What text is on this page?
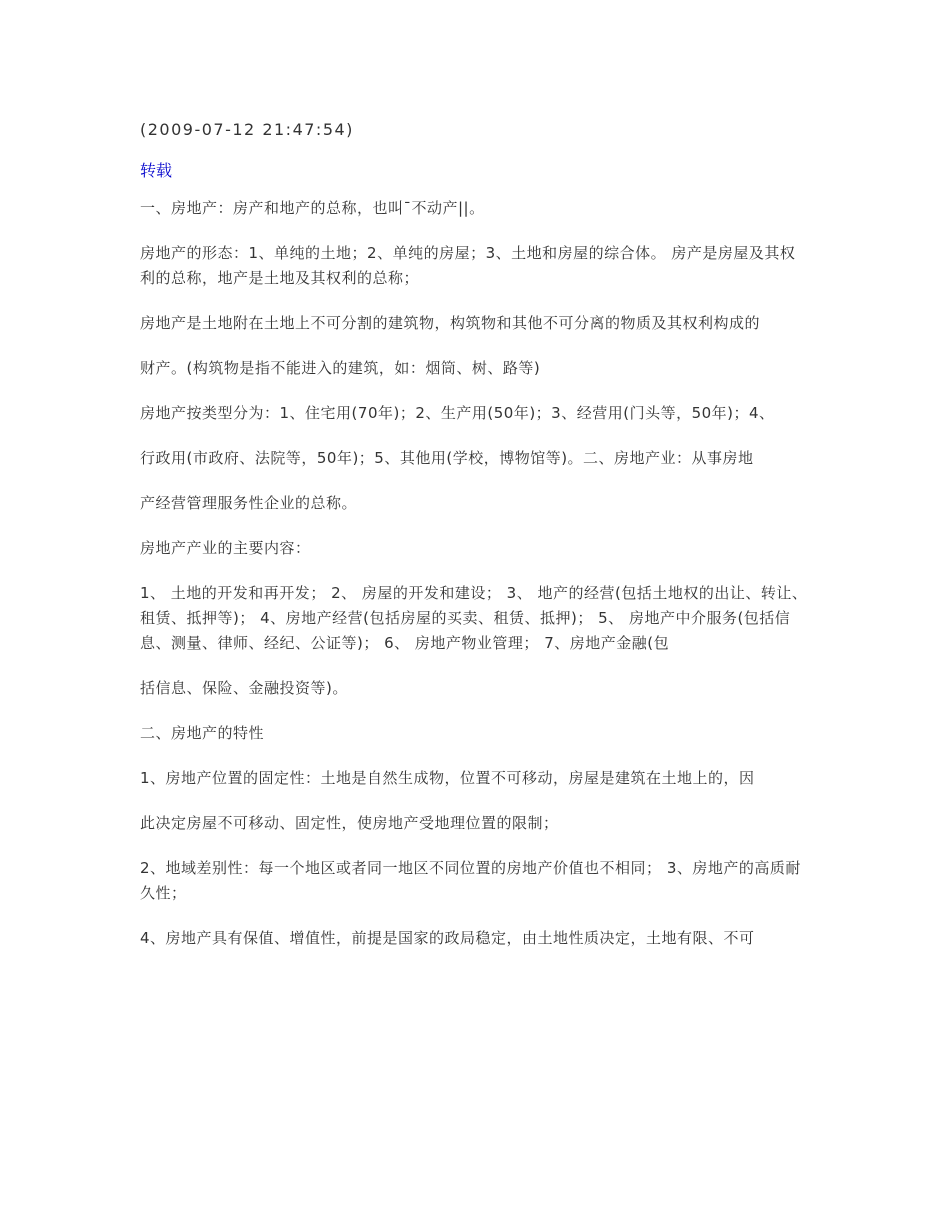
(2009-07-12 21:47:54)
转载

一、房地产：房产和地产的总称，也叫¯不动产||。

房地产的形态：1、单纯的土地；2、单纯的房屋；3、土地和房屋的综合体。 房产是房屋及其权利的总称，地产是土地及其权利的总称；

房地产是土地附在土地上不可分割的建筑物，构筑物和其他不可分离的物质及其权利构成的

财产。(构筑物是指不能进入的建筑，如：烟筒、树、路等)

房地产按类型分为：1、住宅用(70年)；2、生产用(50年)；3、经营用(门头等，50年)；4、

行政用(市政府、法院等，50年)；5、其他用(学校，博物馆等)。二、房地产业：从事房地

产经营管理服务性企业的总称。

房地产产业的主要内容：

1、 土地的开发和再开发； 2、 房屋的开发和建设； 3、 地产的经营(包括土地权的出让、转让、租赁、抵押等)； 4、房地产经营(包括房屋的买卖、租赁、抵押)； 5、 房地产中介服务(包括信息、测量、律师、经纪、公证等)； 6、 房地产物业管理； 7、房地产金融(包

括信息、保险、金融投资等)。

二、房地产的特性

1、房地产位置的固定性：土地是自然生成物，位置不可移动，房屋是建筑在土地上的，因

此决定房屋不可移动、固定性，使房地产受地理位置的限制；

2、地域差别性：每一个地区或者同一地区不同位置的房地产价值也不相同； 3、房地产的高质耐久性；

4、房地产具有保值、增值性，前提是国家的政局稳定，由土地性质决定，土地有限、不可
